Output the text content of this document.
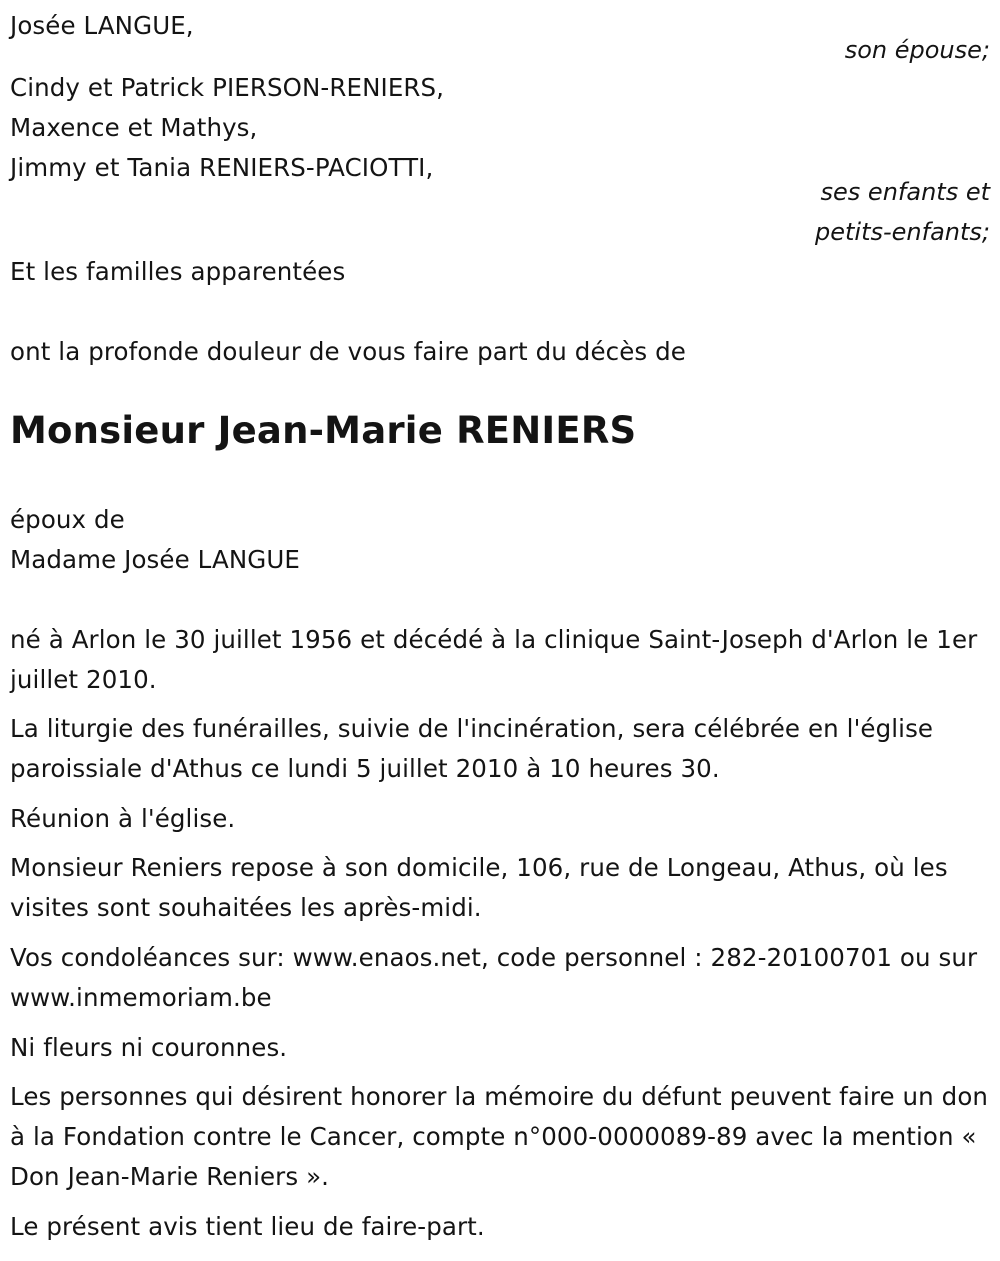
Josée LANGUE,
son épouse;
Cindy et Patrick PIERSON-RENIERS,
Maxence et Mathys,
Jimmy et Tania RENIERS-PACIOTTI,
ses enfants et
petits-enfants;
Et les familles apparentées
ont la profonde douleur de vous faire part du décès de
Monsieur Jean-Marie RENIERS
époux de
Madame Josée LANGUE
né à Arlon le 30 juillet 1956 et décédé à la clinique Saint-Joseph d'Arlon le 1er juillet 2010.
La liturgie des funérailles, suivie de l'incinération, sera célébrée en l'église paroissiale d'Athus ce lundi 5 juillet 2010 à 10 heures 30.
Réunion à l'église.
Monsieur Reniers repose à son domicile, 106, rue de Longeau, Athus, où les visites sont souhaitées les après-midi.
Vos condoléances sur: www.enaos.net, code personnel : 282-20100701 ou sur www.inmemoriam.be
Ni fleurs ni couronnes.
Les personnes qui désirent honorer la mémoire du défunt peuvent faire un don à la Fondation contre le Cancer, compte n°000-0000089-89 avec la mention « Don Jean-Marie Reniers ».
Le présent avis tient lieu de faire-part.
